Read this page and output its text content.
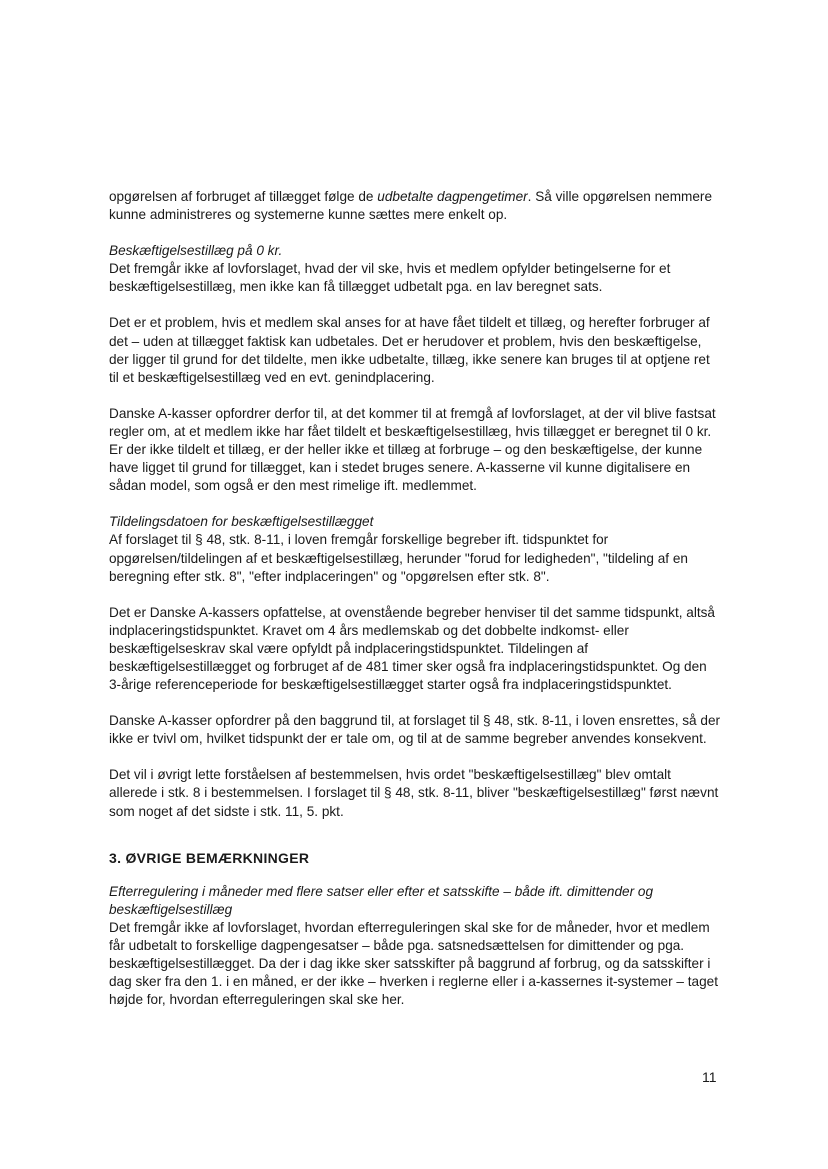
opgørelsen af forbruget af tillægget følge de udbetalte dagpengetimer. Så ville opgørelsen nemmere kunne administreres og systemerne kunne sættes mere enkelt op.

Beskæftigelsestillæg på 0 kr.

Det fremgår ikke af lovforslaget, hvad der vil ske, hvis et medlem opfylder betingelserne for et beskæftigelsestillæg, men ikke kan få tillægget udbetalt pga. en lav beregnet sats.

Det er et problem, hvis et medlem skal anses for at have fået tildelt et tillæg, og herefter forbruger af det – uden at tillægget faktisk kan udbetales. Det er herudover et problem, hvis den beskæftigelse, der ligger til grund for det tildelte, men ikke udbetalte, tillæg, ikke senere kan bruges til at optjene ret til et beskæftigelsestillæg ved en evt. genindplacering.

Danske A-kasser opfordrer derfor til, at det kommer til at fremgå af lovforslaget, at der vil blive fastsat regler om, at et medlem ikke har fået tildelt et beskæftigelsestillæg, hvis tillægget er beregnet til 0 kr. Er der ikke tildelt et tillæg, er der heller ikke et tillæg at forbruge – og den beskæftigelse, der kunne have ligget til grund for tillægget, kan i stedet bruges senere. A-kasserne vil kunne digitalisere en sådan model, som også er den mest rimelige ift. medlemmet.

Tildelingsdatoen for beskæftigelsestillægget

Af forslaget til § 48, stk. 8-11, i loven fremgår forskellige begreber ift. tidspunktet for opgørelsen/tildelingen af et beskæftigelsestillæg, herunder "forud for ledigheden", "tildeling af en beregning efter stk. 8", "efter indplaceringen" og "opgørelsen efter stk. 8".

Det er Danske A-kassers opfattelse, at ovenstående begreber henviser til det samme tidspunkt, altså indplaceringstidspunktet. Kravet om 4 års medlemskab og det dobbelte indkomst- eller beskæftigelseskrav skal være opfyldt på indplaceringstidspunktet. Tildelingen af beskæftigelsestillægget og forbruget af de 481 timer sker også fra indplaceringstidspunktet. Og den 3-årige referenceperiode for beskæftigelsestillægget starter også fra indplaceringstidspunktet.

Danske A-kasser opfordrer på den baggrund til, at forslaget til § 48, stk. 8-11, i loven ensrettes, så der ikke er tvivl om, hvilket tidspunkt der er tale om, og til at de samme begreber anvendes konsekvent.

Det vil i øvrigt lette forståelsen af bestemmelsen, hvis ordet "beskæftigelsestillæg" blev omtalt allerede i stk. 8 i bestemmelsen. I forslaget til § 48, stk. 8-11, bliver "beskæftigelsestillæg" først nævnt som noget af det sidste i stk. 11, 5. pkt.

3. ØVRIGE BEMÆRKNINGER

Efterregulering i måneder med flere satser eller efter et satsskifte – både ift. dimittender og beskæftigelsestillæg

Det fremgår ikke af lovforslaget, hvordan efterreguleringen skal ske for de måneder, hvor et medlem får udbetalt to forskellige dagpengesatser – både pga. satsnedsættelsen for dimittender og pga. beskæftigelsestillægget. Da der i dag ikke sker satsskifter på baggrund af forbrug, og da satsskifter i dag sker fra den 1. i en måned, er der ikke – hverken i reglerne eller i a-kassernes it-systemer – taget højde for, hvordan efterreguleringen skal ske her.

11
